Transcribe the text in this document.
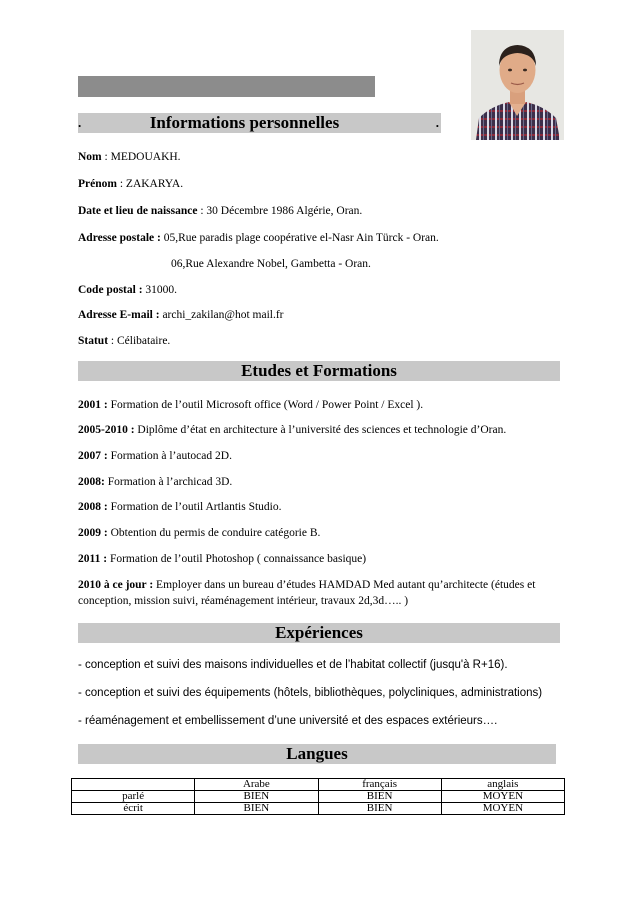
.	Informations personnelles	.
Nom : MEDOUAKH.
Prénom : ZAKARYA.
Date et lieu de naissance : 30 Décembre 1986 Algérie, Oran.
Adresse postale : 05,Rue paradis plage coopérative el-Nasr Ain Türck - Oran.
06,Rue Alexandre Nobel, Gambetta - Oran.
Code postal : 31000.
Adresse E-mail : archi_zakilan@hot mail.fr
Statut : Célibataire.
Etudes et Formations
2001 : Formation de l’outil Microsoft office (Word / Power Point / Excel ).
2005-2010 : Diplôme d’état en architecture à l’université des sciences et technologie d’Oran.
2007 : Formation à l’autocad 2D.
2008: Formation à l’archicad 3D.
2008 : Formation de l’outil Artlantis Studio.
2009 : Obtention du permis de conduire catégorie B.
2011 : Formation de l’outil Photoshop ( connaissance basique)
2010 à ce jour : Employer dans un bureau d’études HAMDAD Med autant qu’architecte (études et conception, mission suivi, réaménagement intérieur, travaux 2d,3d….. )
Expériences
- conception et suivi des maisons individuelles et de l’habitat collectif (jusqu'à R+16).
- conception et suivi des équipements (hôtels, bibliothèques, polycliniques, administrations)
- réaménagement et embellissement d’une université et des espaces extérieurs….
Langues
	Arabe	français	anglais
parlé	BIEN	BIEN	MOYEN
écrit	BIEN	BIEN	MOYEN
